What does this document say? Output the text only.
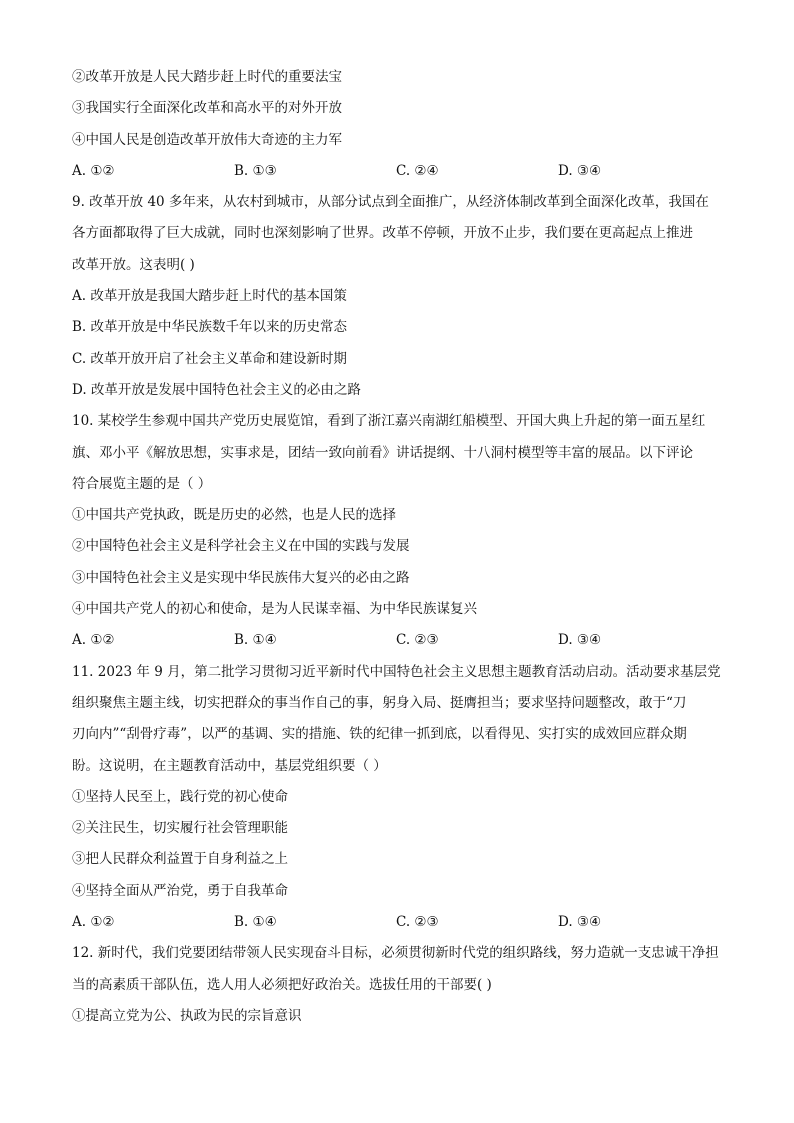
②改革开放是人民大踏步赶上时代的重要法宝
③我国实行全面深化改革和高水平的对外开放
④中国人民是创造改革开放伟大奇迹的主力军
A. ①②	B. ①③	C. ②④	D. ③④
9. 改革开放 40 多年来，从农村到城市，从部分试点到全面推广，从经济体制改革到全面深化改革，我国在
各方面都取得了巨大成就，同时也深刻影响了世界。改革不停顿，开放不止步，我们要在更高起点上推进
改革开放。这表明( )
A. 改革开放是我国大踏步赶上时代的基本国策
B. 改革开放是中华民族数千年以来的历史常态
C. 改革开放开启了社会主义革命和建设新时期
D. 改革开放是发展中国特色社会主义的必由之路
10. 某校学生参观中国共产党历史展览馆，看到了浙江嘉兴南湖红船模型、开国大典上升起的第一面五星红
旗、邓小平《解放思想，实事求是，团结一致向前看》讲话提纲、十八洞村模型等丰富的展品。以下评论
符合展览主题的是（ ）
①中国共产党执政，既是历史的必然，也是人民的选择
②中国特色社会主义是科学社会主义在中国的实践与发展
③中国特色社会主义是实现中华民族伟大复兴的必由之路
④中国共产党人的初心和使命，是为人民谋幸福、为中华民族谋复兴
A. ①②	B. ①④	C. ②③	D. ③④
11. 2023 年 9 月，第二批学习贯彻习近平新时代中国特色社会主义思想主题教育活动启动。活动要求基层党
组织聚焦主题主线，切实把群众的事当作自己的事，躬身入局、挺膺担当；要求坚持问题整改，敢于“刀
刃向内”“刮骨疗毒”，以严的基调、实的措施、铁的纪律一抓到底，以看得见、实打实的成效回应群众期
盼。这说明，在主题教育活动中，基层党组织要（ ）
①坚持人民至上，践行党的初心使命
②关注民生，切实履行社会管理职能
③把人民群众利益置于自身利益之上
④坚持全面从严治党，勇于自我革命
A. ①②	B. ①④	C. ②③	D. ③④
12. 新时代，我们党要团结带领人民实现奋斗目标，必须贯彻新时代党的组织路线，努力造就一支忠诚干净担
当的高素质干部队伍，选人用人必须把好政治关。选拔任用的干部要( )
①提高立党为公、执政为民的宗旨意识
